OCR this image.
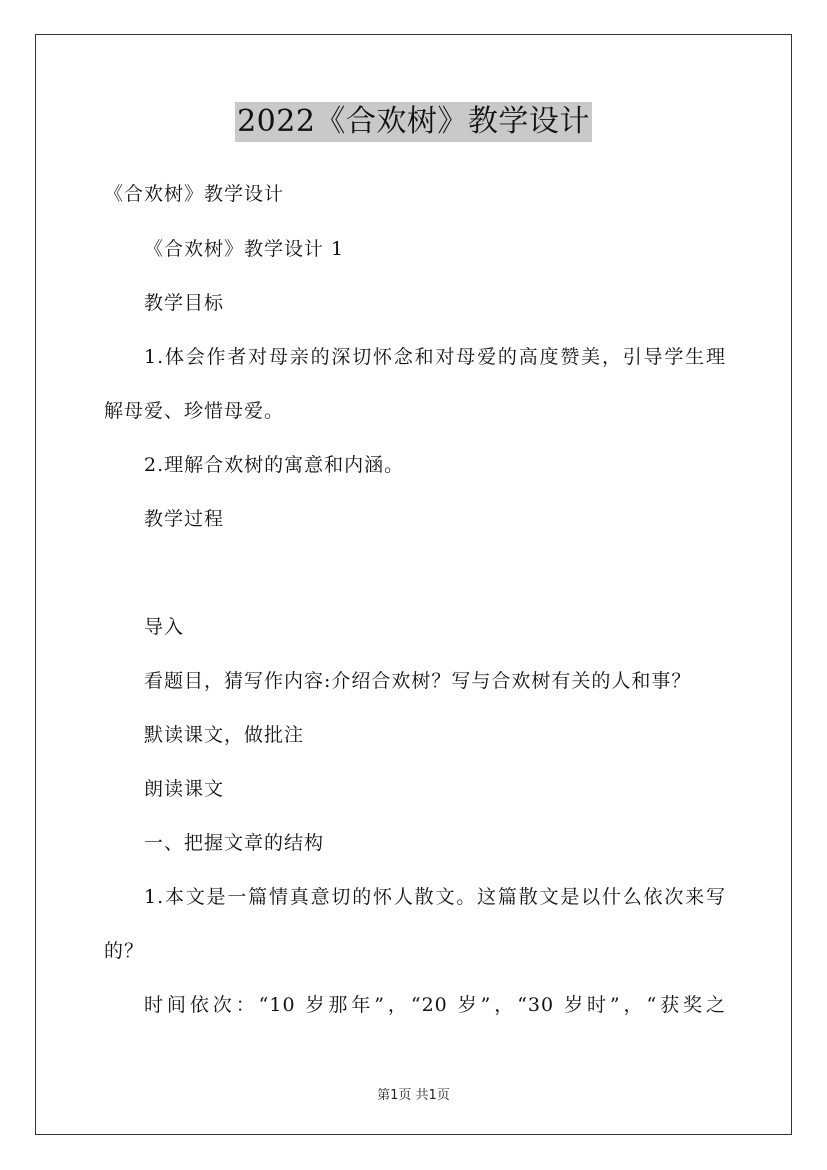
2022《合欢树》教学设计
《合欢树》教学设计
《合欢树》教学设计 1
教学目标
1.体会作者对母亲的深切怀念和对母爱的高度赞美，引导学生理
解母爱、珍惜母爱。
2.理解合欢树的寓意和内涵。
教学过程
导入
看题目，猜写作内容:介绍合欢树？写与合欢树有关的人和事？
默读课文，做批注
朗读课文
一、把握文章的结构
1.本文是一篇情真意切的怀人散文。这篇散文是以什么依次来写
的？
时间依次：“10 岁那年”，“20 岁”，“30 岁时”，“获奖之
第1页 共1页
